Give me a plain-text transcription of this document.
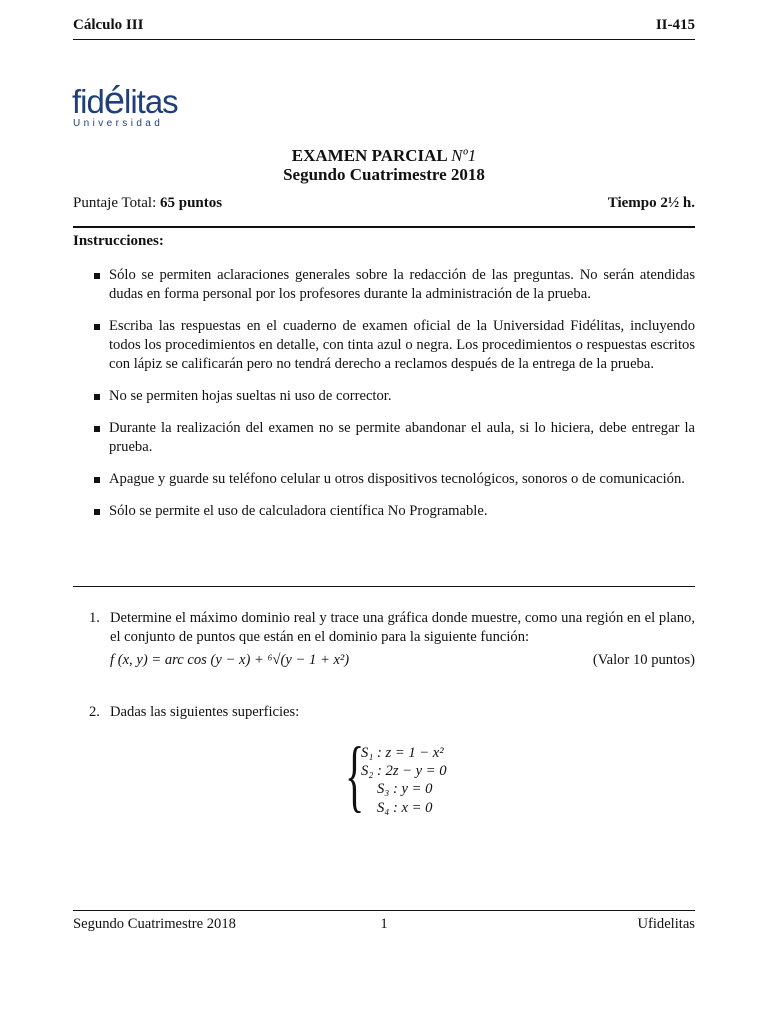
Cálculo III	II-415
fidélitas
Universidad
EXAMEN PARCIAL Nº1
Segundo Cuatrimestre 2018
Puntaje Total: 65 puntos	Tiempo 2½ h.
Instrucciones:
Sólo se permiten aclaraciones generales sobre la redacción de las preguntas. No serán atendidas dudas en forma personal por los profesores durante la administración de la prueba.
Escriba las respuestas en el cuaderno de examen oficial de la Universidad Fidélitas, incluyendo todos los procedimientos en detalle, con tinta azul o negra. Los procedimientos o respuestas escritos con lápiz se calificarán pero no tendrá derecho a reclamos después de la entrega de la prueba.
No se permiten hojas sueltas ni uso de corrector.
Durante la realización del examen no se permite abandonar el aula, si lo hiciera, debe entregar la prueba.
Apague y guarde su teléfono celular u otros dispositivos tecnológicos, sonoros o de comunicación.
Sólo se permite el uso de calculadora científica No Programable.
1. Determine el máximo dominio real y trace una gráfica donde muestre, como una región en el plano, el conjunto de puntos que están en el dominio para la siguiente función:
f (x, y) = arc cos (y − x) + ⁶√(y − 1 + x²)	(Valor 10 puntos)
2. Dadas las siguientes superficies:
{
S₁ : z = 1 − x²
S₂ : 2z − y = 0
S₃ : y = 0
S₄ : x = 0
Segundo Cuatrimestre 2018	1	Ufidelitas
